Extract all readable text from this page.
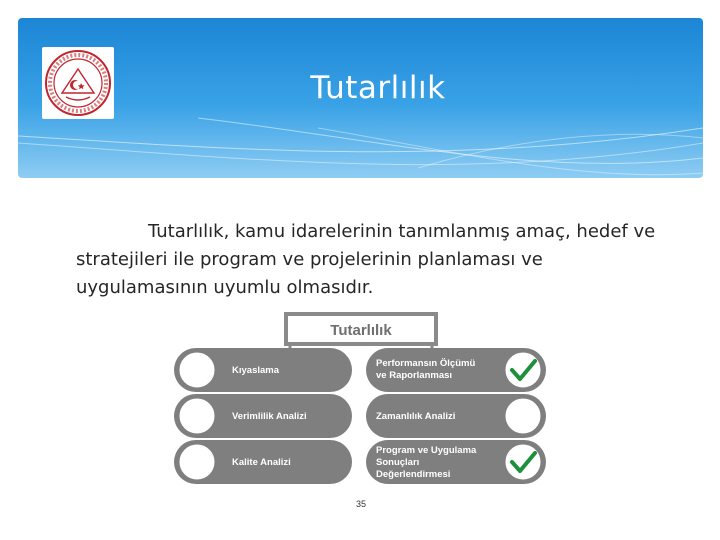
Tutarlılık
Tutarlılık, kamu idarelerinin tanımlanmış amaç, hedef ve stratejileri ile program ve projelerinin planlaması ve uygulamasının uyumlu olmasıdır.
Tutarlılık
Kıyaslama
Performansın Ölçümü ve Raporlanması
Verimlilik Analizi	Zamanlılık Analizi
Kalite Analizi
Program ve Uygulama Sonuçları Değerlendirmesi
35
